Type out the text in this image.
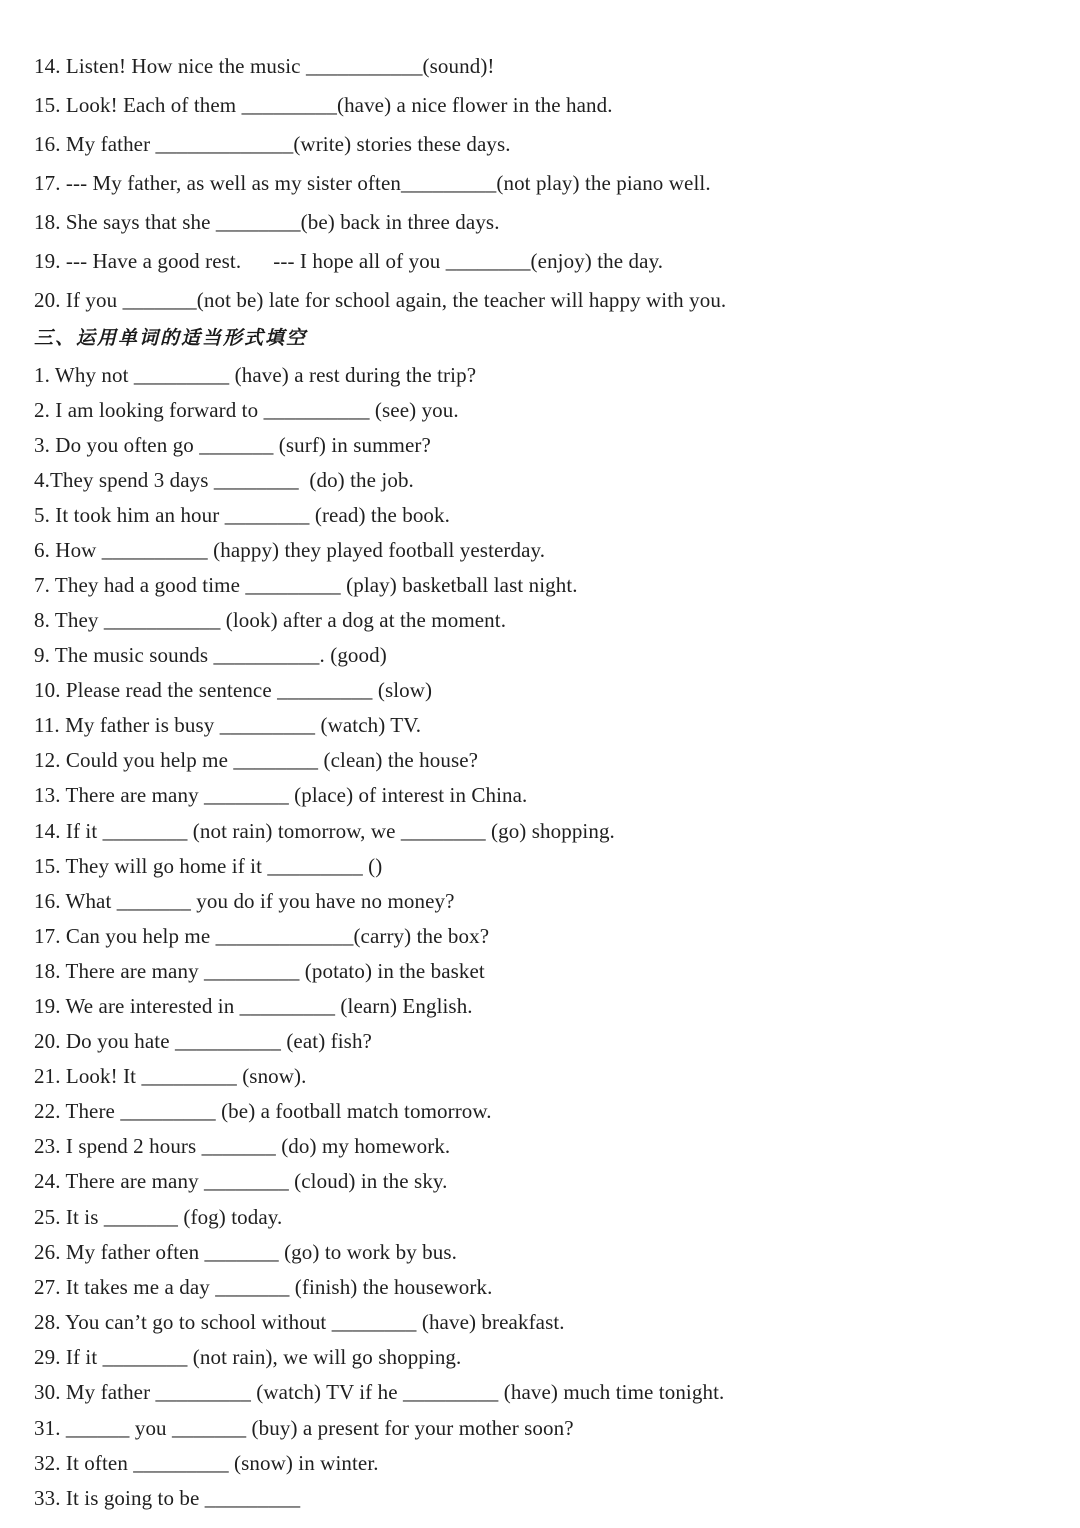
14. Listen! How nice the music ___________(sound)!
15. Look! Each of them _________(have) a nice flower in the hand.
16. My father _____________(write) stories these days.
17. --- My father, as well as my sister often_________(not play) the piano well.
18. She says that she ________(be) back in three days.
19. --- Have a good rest.      --- I hope all of you ________(enjoy) the day.
20. If you _______(not be) late for school again, the teacher will happy with you.
三、运用单词的适当形式填空
1. Why not _________ (have) a rest during the trip?
2. I am looking forward to __________ (see) you.
3. Do you often go _______ (surf) in summer?
4.They spend 3 days ________  (do) the job.
5. It took him an hour ________ (read) the book.
6. How __________ (happy) they played football yesterday.
7. They had a good time _________ (play) basketball last night.
8. They ___________ (look) after a dog at the moment.
9. The music sounds __________. (good)
10. Please read the sentence _________ (slow)
11. My father is busy _________ (watch) TV.
12. Could you help me ________ (clean) the house?
13. There are many ________ (place) of interest in China.
14. If it ________ (not rain) tomorrow, we ________ (go) shopping.
15. They will go home if it _________ ()
16. What _______ you do if you have no money?
17. Can you help me _____________(carry) the box?
18. There are many _________ (potato) in the basket
19. We are interested in _________ (learn) English.
20. Do you hate __________ (eat) fish?
21. Look! It _________ (snow).
22. There _________ (be) a football match tomorrow.
23. I spend 2 hours _______ (do) my homework.
24. There are many ________ (cloud) in the sky.
25. It is _______ (fog) today.
26. My father often _______ (go) to work by bus.
27. It takes me a day _______ (finish) the housework.
28. You can’t go to school without ________ (have) breakfast.
29. If it ________ (not rain), we will go shopping.
30. My father _________ (watch) TV if he _________ (have) much time tonight.
31. ______ you _______ (buy) a present for your mother soon?
32. It often _________ (snow) in winter.
33. It is going to be _________
